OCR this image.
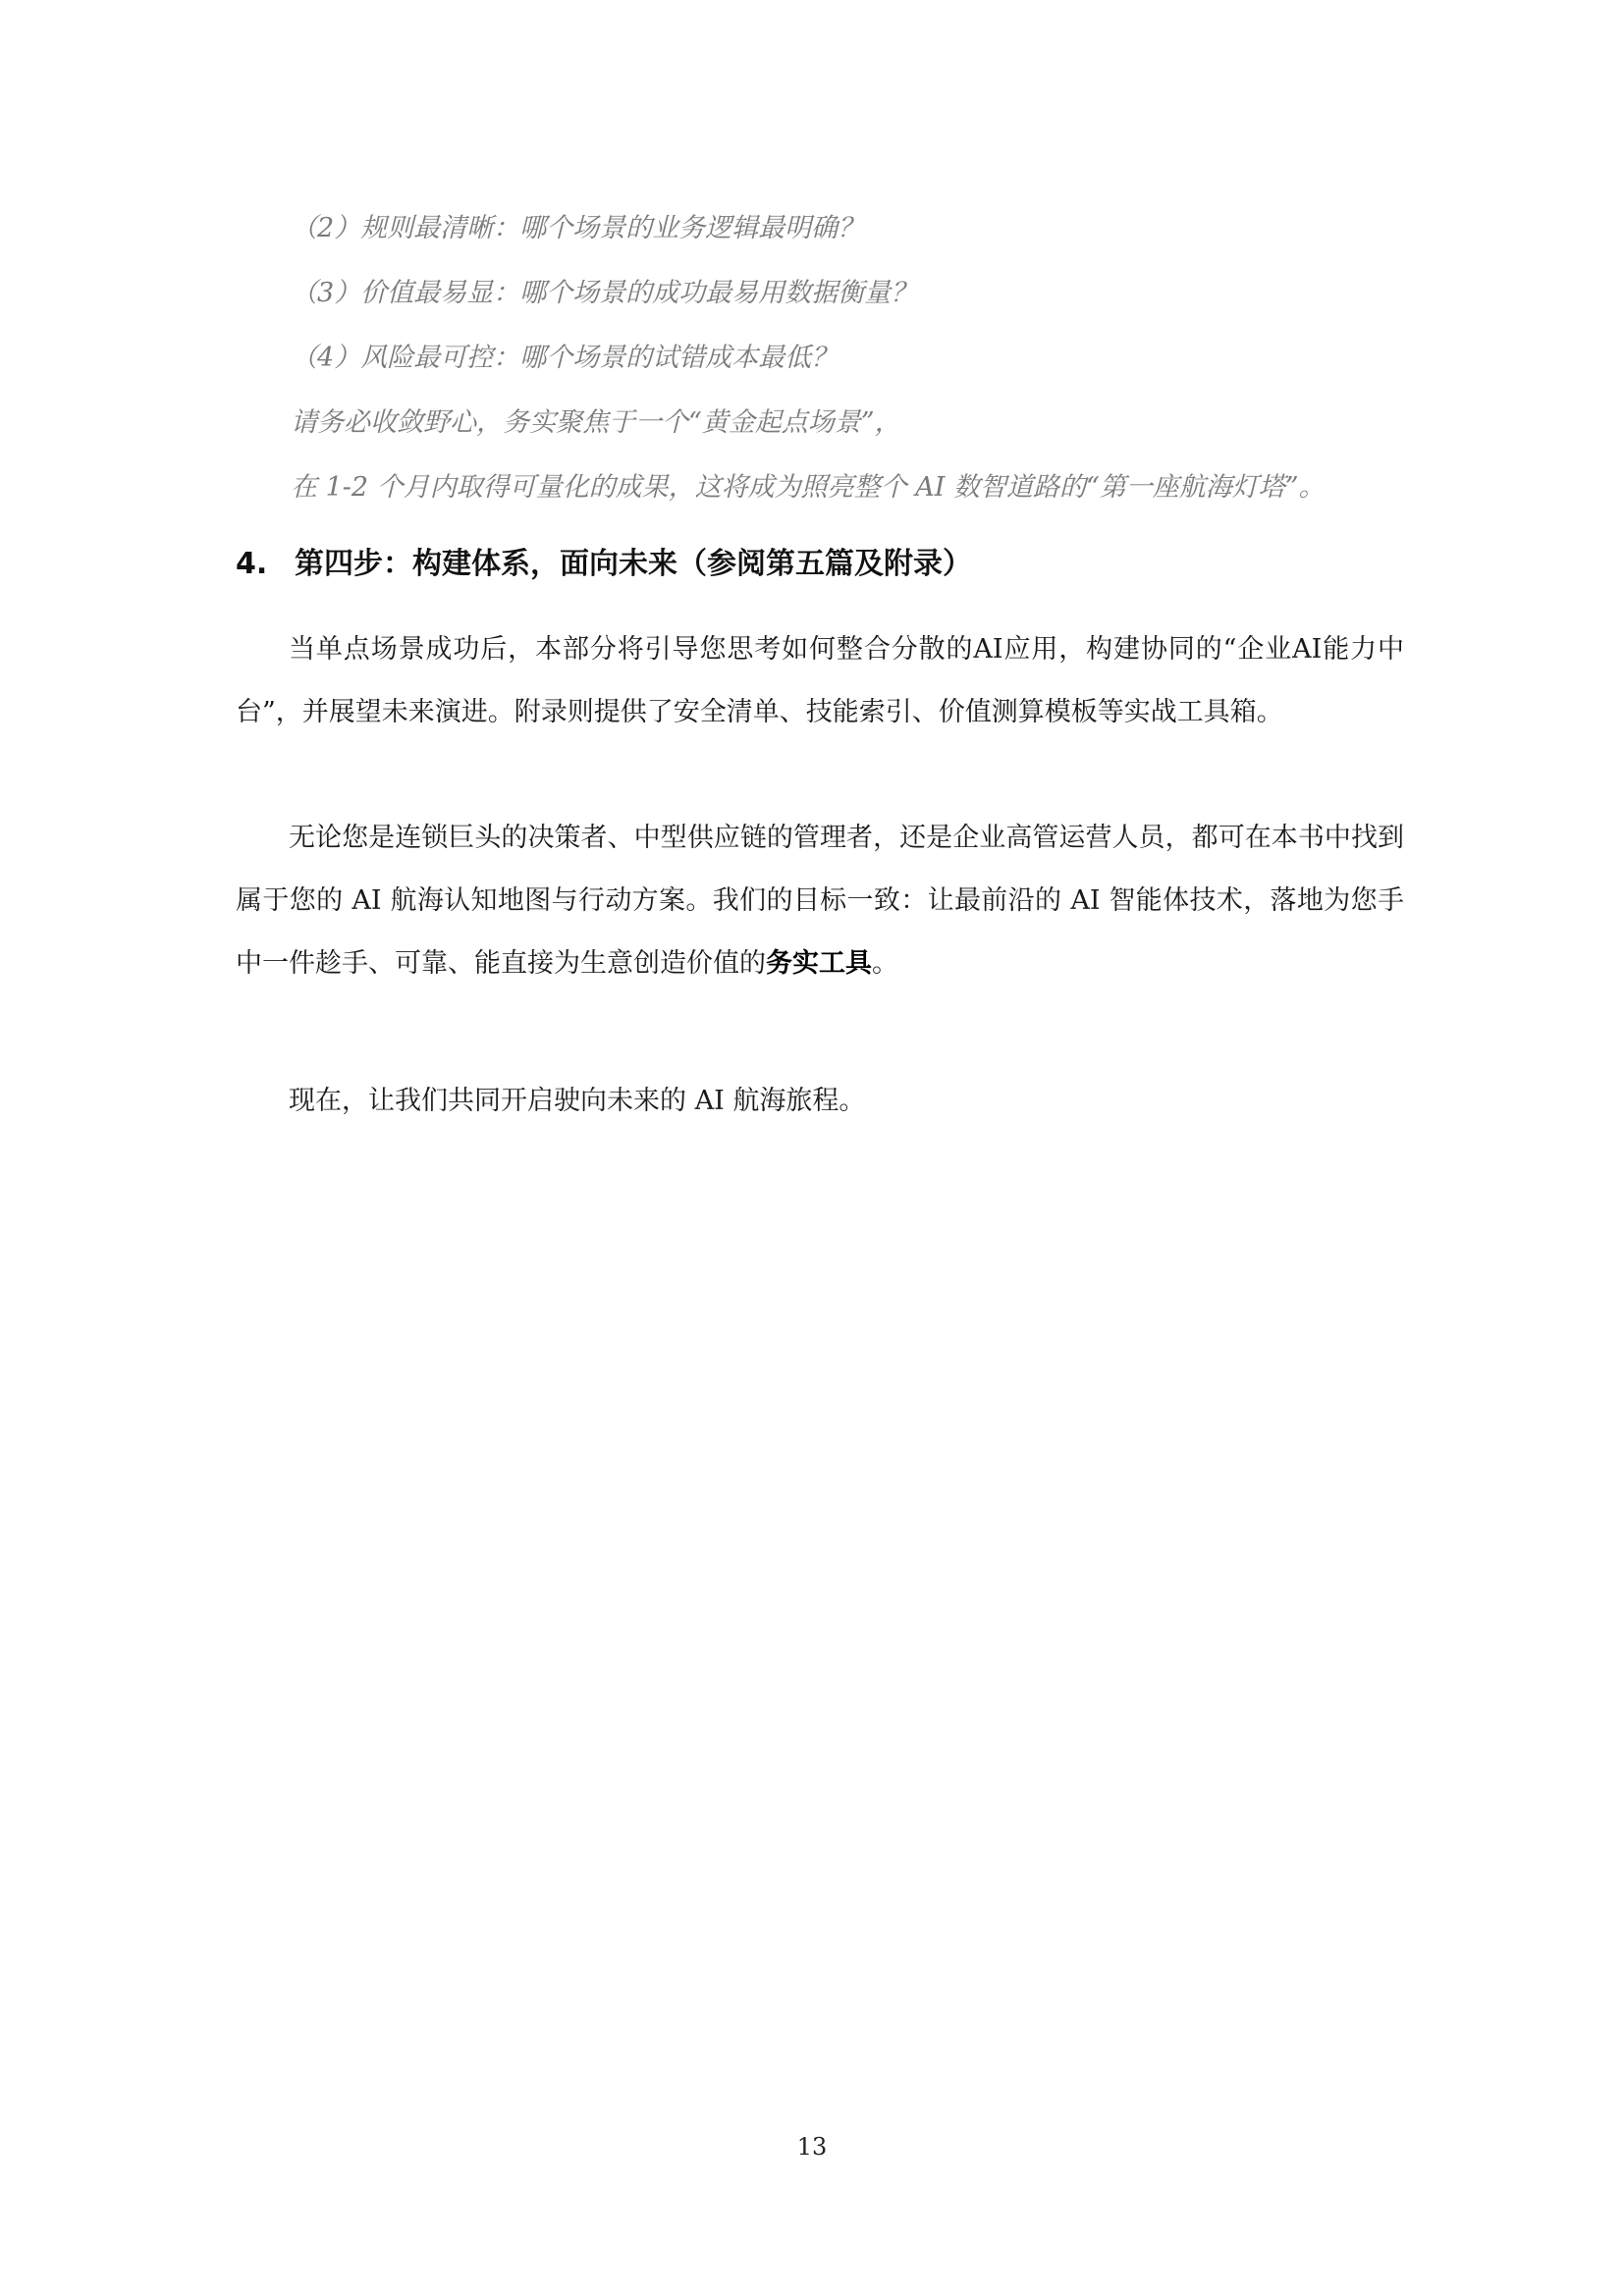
（2）规则最清晰：哪个场景的业务逻辑最明确？
（3）价值最易显：哪个场景的成功最易用数据衡量？
（4）风险最可控：哪个场景的试错成本最低？
请务必收敛野心，务实聚焦于一个“黄金起点场景”，
在 1-2 个月内取得可量化的成果，这将成为照亮整个 AI 数智道路的“第一座航海灯塔”。
4. 第四步：构建体系，面向未来（参阅第五篇及附录）
当单点场景成功后，本部分将引导您思考如何整合分散的AI应用，构建协同的“企业AI能力中台”，并展望未来演进。附录则提供了安全清单、技能索引、价值测算模板等实战工具箱。
无论您是连锁巨头的决策者、中型供应链的管理者，还是企业高管运营人员，都可在本书中找到属于您的 AI 航海认知地图与行动方案。我们的目标一致：让最前沿的 AI 智能体技术，落地为您手中一件趁手、可靠、能直接为生意创造价值的务实工具。
现在，让我们共同开启驶向未来的 AI 航海旅程。
13
